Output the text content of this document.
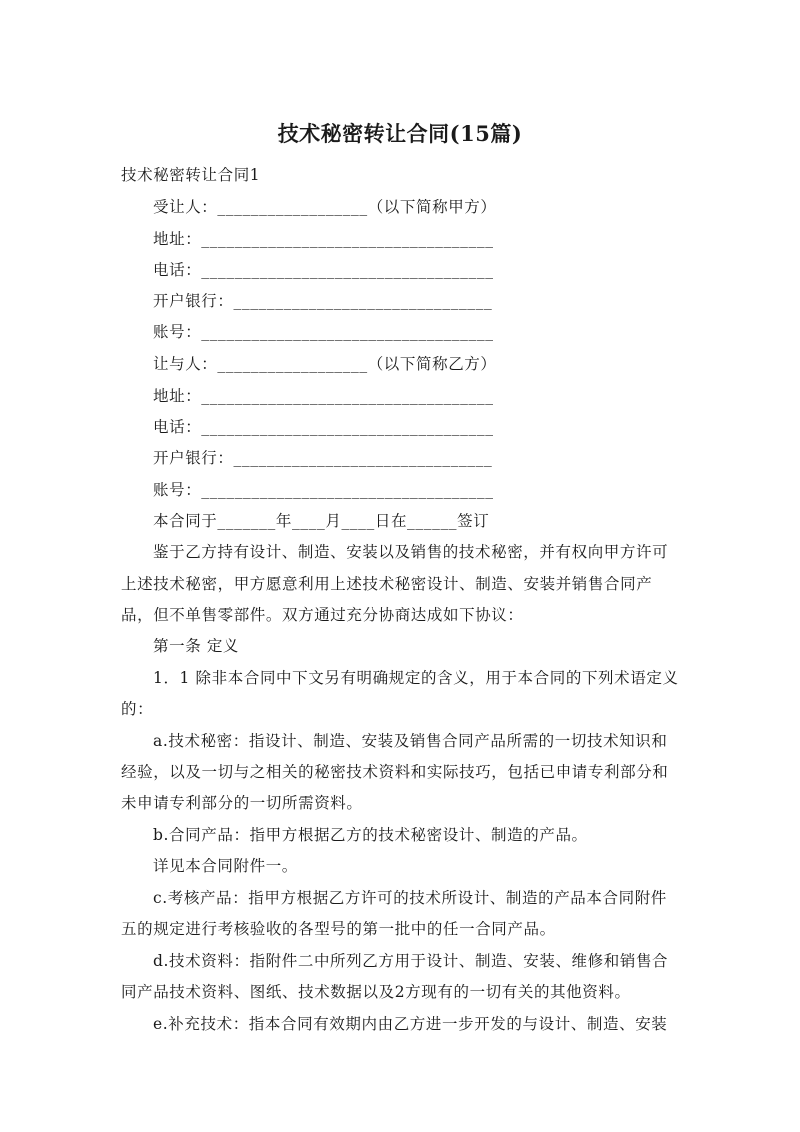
技术秘密转让合同(15篇)
技术秘密转让合同1
受让人：__________________（以下简称甲方）
地址：___________________________________
电话：___________________________________
开户银行：_______________________________
账号：___________________________________
让与人：__________________（以下简称乙方）
地址：___________________________________
电话：___________________________________
开户银行：_______________________________
账号：___________________________________
本合同于_______年____月____日在______签订
鉴于乙方持有设计、制造、安装以及销售的技术秘密，并有权向甲方许可
上述技术秘密，甲方愿意利用上述技术秘密设计、制造、安装并销售合同产
品，但不单售零部件。双方通过充分协商达成如下协议：
第一条 定义
1．1 除非本合同中下文另有明确规定的含义，用于本合同的下列术语定义
的：
a.技术秘密：指设计、制造、安装及销售合同产品所需的一切技术知识和
经验，以及一切与之相关的秘密技术资料和实际技巧，包括已申请专利部分和
未申请专利部分的一切所需资料。
b.合同产品：指甲方根据乙方的技术秘密设计、制造的产品。
详见本合同附件一。
c.考核产品：指甲方根据乙方许可的技术所设计、制造的产品本合同附件
五的规定进行考核验收的各型号的第一批中的任一合同产品。
d.技术资料：指附件二中所列乙方用于设计、制造、安装、维修和销售合
同产品技术资料、图纸、技术数据以及2方现有的一切有关的其他资料。
e.补充技术：指本合同有效期内由乙方进一步开发的与设计、制造、安装
